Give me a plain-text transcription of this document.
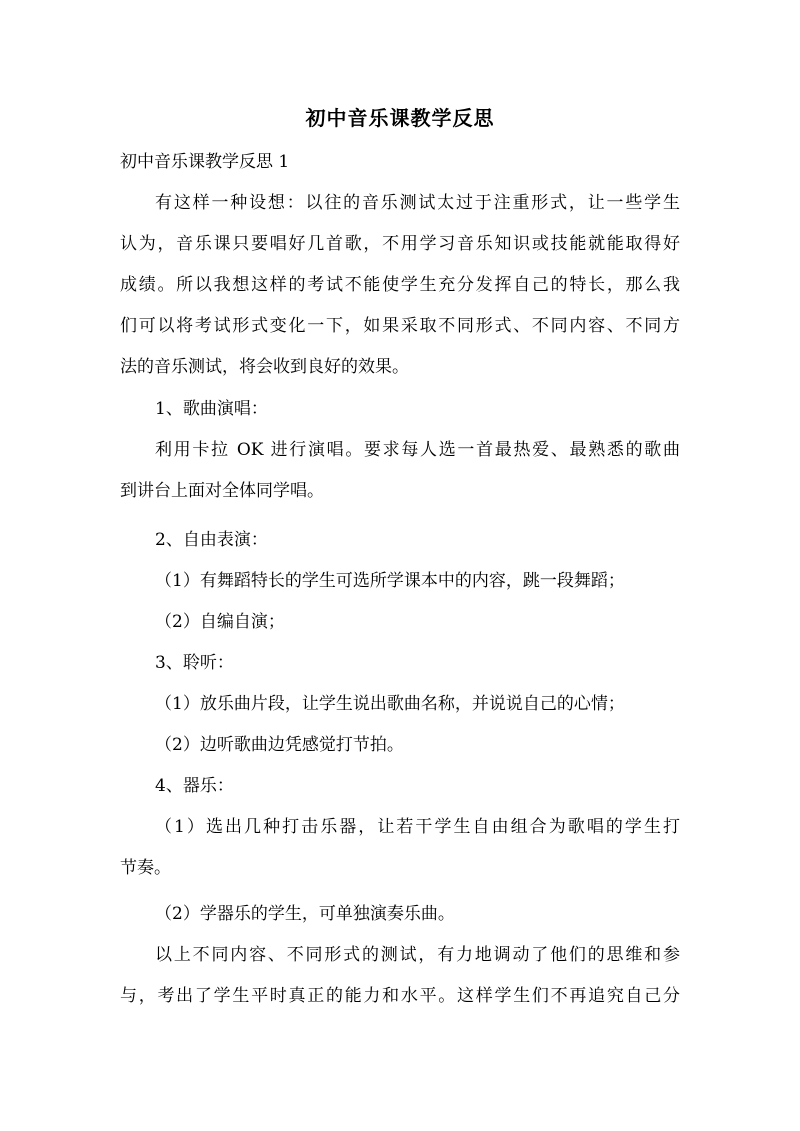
初中音乐课教学反思
初中音乐课教学反思 1
有这样一种设想：以往的音乐测试太过于注重形式，让一些学生
认为，音乐课只要唱好几首歌，不用学习音乐知识或技能就能取得好
成绩。所以我想这样的考试不能使学生充分发挥自己的特长，那么我
们可以将考试形式变化一下，如果采取不同形式、不同内容、不同方
法的音乐测试，将会收到良好的效果。
1、歌曲演唱：
利用卡拉 OK 进行演唱。要求每人选一首最热爱、最熟悉的歌曲
到讲台上面对全体同学唱。
2、自由表演：
（1）有舞蹈特长的学生可选所学课本中的内容，跳一段舞蹈；
（2）自编自演；
3、聆听：
（1）放乐曲片段，让学生说出歌曲名称，并说说自己的心情；
（2）边听歌曲边凭感觉打节拍。
4、器乐：
（1）选出几种打击乐器，让若干学生自由组合为歌唱的学生打
节奏。
（2）学器乐的学生，可单独演奏乐曲。
以上不同内容、不同形式的测试，有力地调动了他们的思维和参
与，考出了学生平时真正的能力和水平。这样学生们不再追究自己分
